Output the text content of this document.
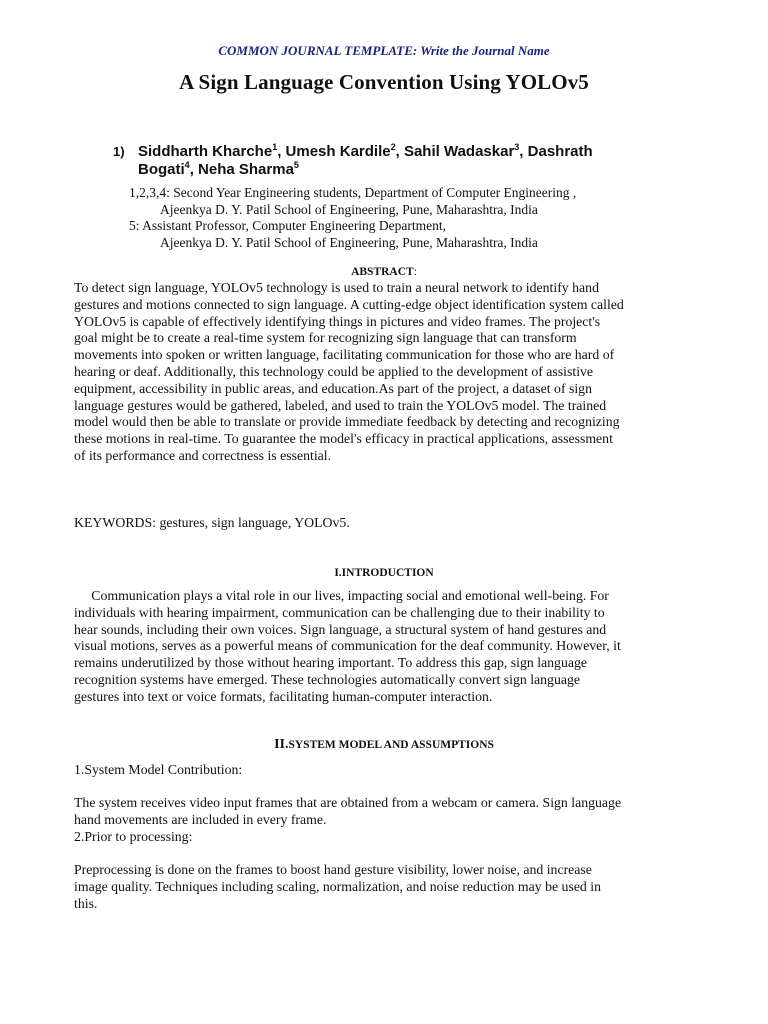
COMMON JOURNAL TEMPLATE: Write the Journal Name
A Sign Language Convention Using YOLOv5
1) Siddharth Kharche$^1$, Umesh Kardile$^2$, Sahil Wadaskar$^3$, Dashrath
Bogati$^4$, Neha Sharma$^5$
1,2,3,4: Second Year Engineering students, Department of Computer Engineering ,
Ajeenkya D. Y. Patil School of Engineering, Pune, Maharashtra, India
5: Assistant Professor, Computer Engineering Department,
Ajeenkya D. Y. Patil School of Engineering, Pune, Maharashtra, India
ABSTRACT:
To detect sign language, YOLOv5 technology is used to train a neural network to identify hand
gestures and motions connected to sign language. A cutting-edge object identification system called
YOLOv5 is capable of effectively identifying things in pictures and video frames. The project's
goal might be to create a real-time system for recognizing sign language that can transform
movements into spoken or written language, facilitating communication for those who are hard of
hearing or deaf. Additionally, this technology could be applied to the development of assistive
equipment, accessibility in public areas, and education.As part of the project, a dataset of sign
language gestures would be gathered, labeled, and used to train the YOLOv5 model. The trained
model would then be able to translate or provide immediate feedback by detecting and recognizing
these motions in real-time. To guarantee the model's efficacy in practical applications, assessment
of its performance and correctness is essential.
KEYWORDS: gestures, sign language, YOLOv5.
I.INTRODUCTION
Communication plays a vital role in our lives, impacting social and emotional well-being. For
individuals with hearing impairment, communication can be challenging due to their inability to
hear sounds, including their own voices. Sign language, a structural system of hand gestures and
visual motions, serves as a powerful means of communication for the deaf community. However, it
remains underutilized by those without hearing important. To address this gap, sign language
recognition systems have emerged. These technologies automatically convert sign language
gestures into text or voice formats, facilitating human-computer interaction.
II.SYSTEM MODEL AND ASSUMPTIONS
1.System Model Contribution:
The system receives video input frames that are obtained from a webcam or camera. Sign language
hand movements are included in every frame.
2.Prior to processing:
Preprocessing is done on the frames to boost hand gesture visibility, lower noise, and increase
image quality. Techniques including scaling, normalization, and noise reduction may be used in
this.
